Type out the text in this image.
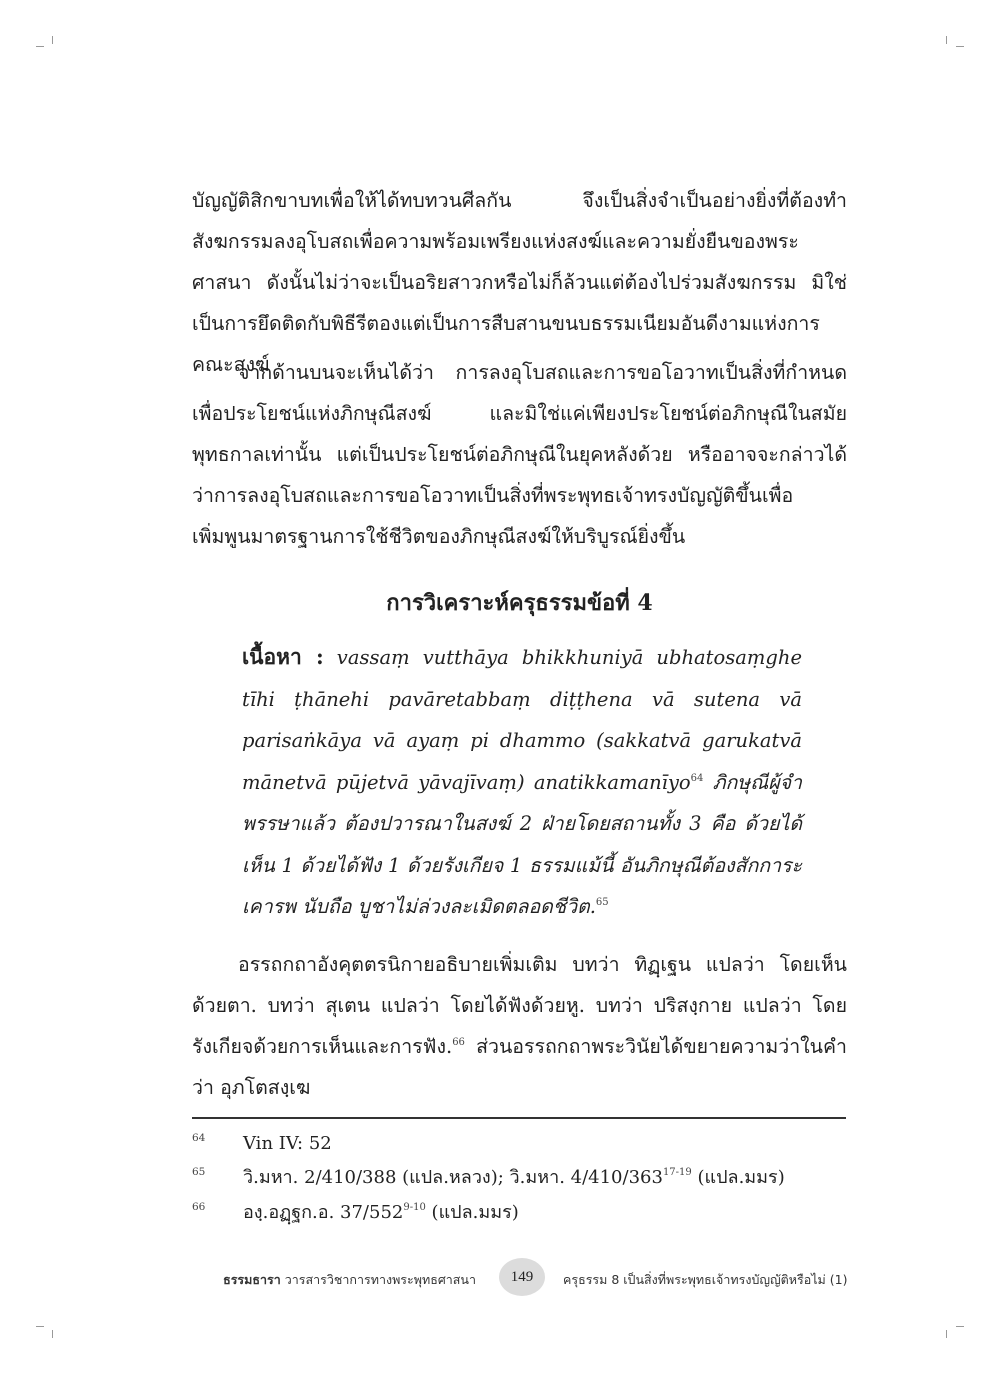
บัญญัติสิกขาบทเพื่อให้ได้ทบทวนศีลกัน จึงเป็นสิ่งจำเป็นอย่างยิ่งที่ต้องทำสังฆกรรมลงอุโบสถเพื่อความพร้อมเพรียงแห่งสงฆ์และความยั่งยืนของพระศาสนา ดังนั้นไม่ว่าจะเป็นอริยสาวกหรือไม่ก็ล้วนแต่ต้องไปร่วมสังฆกรรม มิใช่เป็นการยึดติดกับพิธีรีตองแต่เป็นการสืบสานขนบธรรมเนียมอันดีงามแห่งการคณะสงฆ์
จากด้านบนจะเห็นได้ว่า การลงอุโบสถและการขอโอวาทเป็นสิ่งที่กำหนดเพื่อประโยชน์แห่งภิกษุณีสงฆ์ และมิใช่แค่เพียงประโยชน์ต่อภิกษุณีในสมัยพุทธกาลเท่านั้น แต่เป็นประโยชน์ต่อภิกษุณีในยุคหลังด้วย หรืออาจจะกล่าวได้ว่าการลงอุโบสถและการขอโอวาทเป็นสิ่งที่พระพุทธเจ้าทรงบัญญัติขึ้นเพื่อเพิ่มพูนมาตรฐานการใช้ชีวิตของภิกษุณีสงฆ์ให้บริบูรณ์ยิ่งขึ้น
การวิเคราะห์ครุธรรมข้อที่ 4
เนื้อหา : vassaṃ vutthāya bhikkhuniyā ubhatosaṃghe tīhi ṭhānehi pavāretabbaṃ diṭṭhena vā sutena vā parisaṅkāya vā ayaṃ pi dhammo (sakkatvā garukatvā mānetvā pūjetvā yāvajīvaṃ) anatikkamanīyo$^{64}$ ภิกษุณีผู้จำพรรษาแล้ว ต้องปวารณาในสงฆ์ 2 ฝ่ายโดยสถานทั้ง 3 คือ ด้วยได้เห็น 1 ด้วยได้ฟัง 1 ด้วยรังเกียจ 1 ธรรมแม้นี้ อันภิกษุณีต้องสักการะ เคารพ นับถือ บูชาไม่ล่วงละเมิดตลอดชีวิต.$^{65}$
อรรถกถาอังคุตตรนิกายอธิบายเพิ่มเติม บทว่า ทิฏฺเฐน แปลว่า โดยเห็นด้วยตา. บทว่า สุเตน แปลว่า โดยได้ฟังด้วยหู. บทว่า ปริสงฺกาย แปลว่า โดยรังเกียจด้วยการเห็นและการฟัง.$^{66}$ ส่วนอรรถกถาพระวินัยได้ขยายความว่าในคำว่า อุภโตสงฺเฆ
64 Vin IV: 52
65 วิ.มหา. 2/410/388 (แปล.หลวง); วิ.มหา. 4/410/363$^{17-19}$ (แปล.มมร)
66 องฺ.อฏฺฐก.อ. 37/552$^{9-10}$ (แปล.มมร)
ธรรมธารา วารสารวิชาการทางพระพุทธศาสนา	149	ครุธรรม 8 เป็นสิ่งที่พระพุทธเจ้าทรงบัญญัติหรือไม่ (1)
